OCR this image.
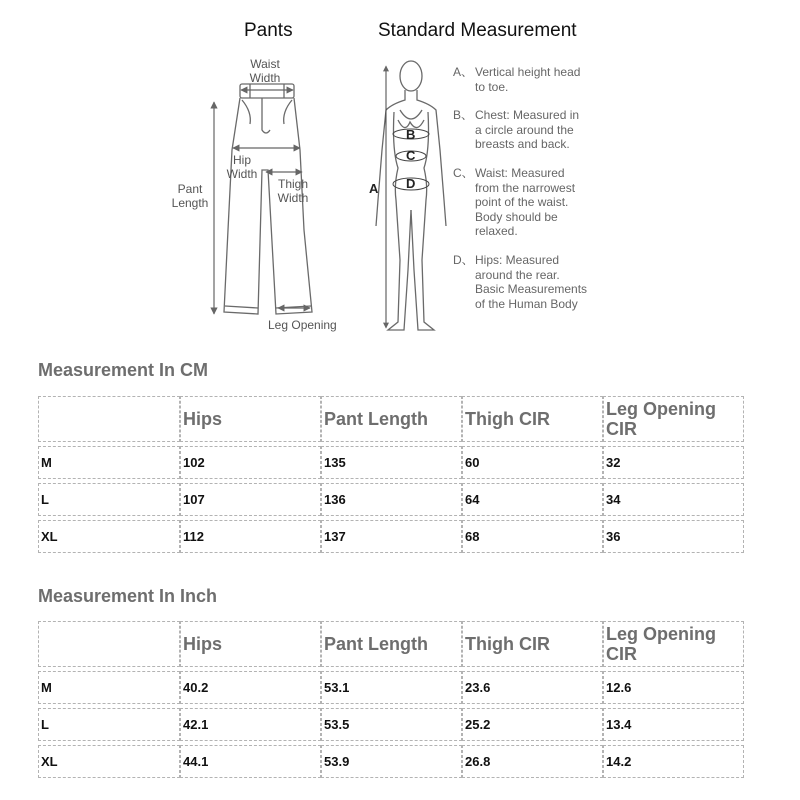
Pants	Standard Measurement
Waist
Width
Hip
Width
Thigh
Width
Pant
Length
Leg Opening
A
B
C
D
A、 Vertical height head
to toe.
B、 Chest: Measured in
a circle around the
breasts and back.
C、 Waist: Measured
from the narrowest
point of the waist.
Body should be
relaxed.
D、 Hips: Measured
around the rear.
Basic Measurements
of the Human Body
Measurement In CM
	Hips	Pant Length	Thigh CIR	Leg Opening CIR

M	102	135	60	32

L	107	136	64	34

XL	112	137	68	36
Measurement In Inch
	Hips	Pant Length	Thigh CIR	Leg Opening CIR

M	40.2	53.1	23.6	12.6

L	42.1	53.5	25.2	13.4

XL	44.1	53.9	26.8	14.2
